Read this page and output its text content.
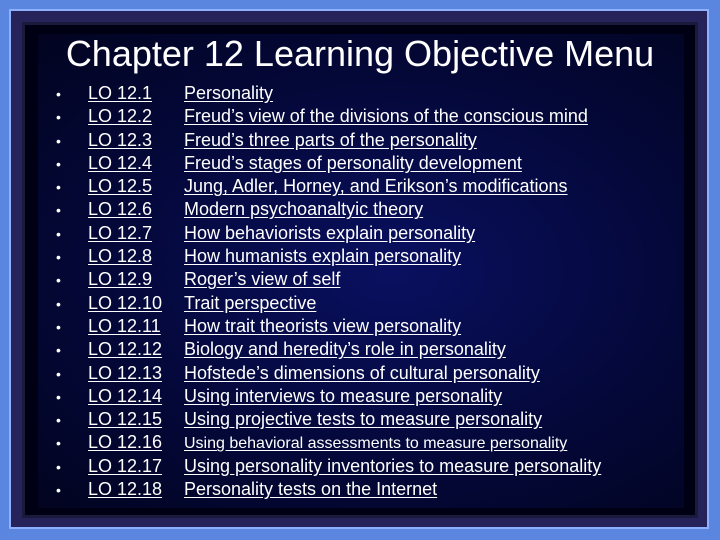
Chapter 12 Learning Objective Menu
•	LO 12.1	Personality
•	LO 12.2	Freud’s view of the divisions of the conscious mind
•	LO 12.3	Freud’s three parts of the personality
•	LO 12.4	Freud’s stages of personality development
•	LO 12.5	Jung, Adler, Horney, and Erikson’s modifications
•	LO 12.6	Modern psychoanaltyic theory
•	LO 12.7	How behaviorists explain personality
•	LO 12.8	How humanists explain personality
•	LO 12.9	Roger’s view of self
•	LO 12.10	Trait perspective
•	LO 12.11	How trait theorists view personality
•	LO 12.12	Biology and heredity’s role in personality
•	LO 12.13	Hofstede’s dimensions of cultural personality
•	LO 12.14	Using interviews to measure personality
•	LO 12.15	Using projective tests to measure personality
•	LO 12.16	Using behavioral assessments to measure personality
•	LO 12.17	Using personality inventories to measure personality
•	LO 12.18	Personality tests on the Internet
